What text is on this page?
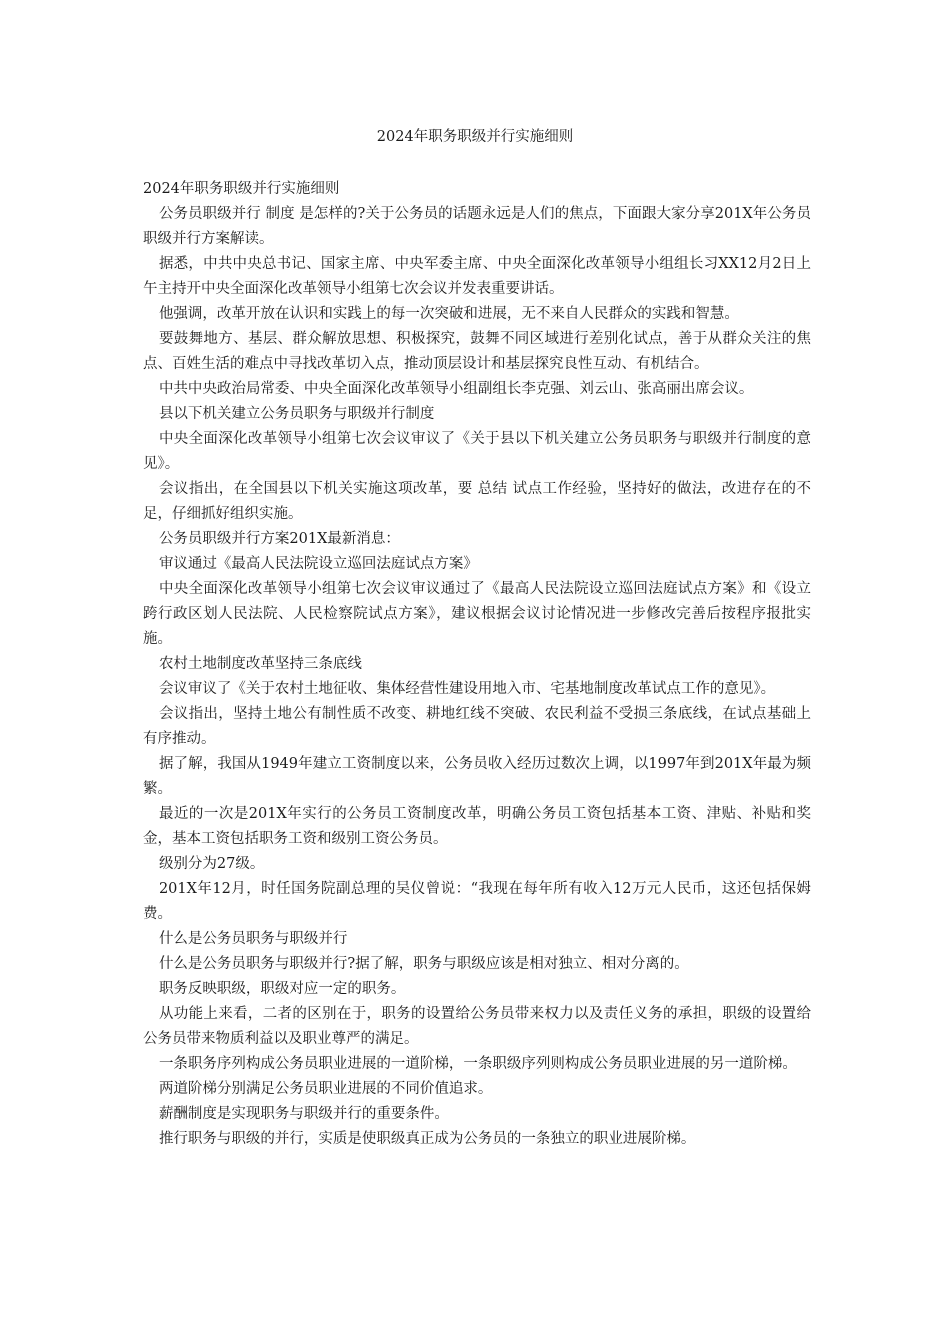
2024年职务职级并行实施细则

2024年职务职级并行实施细则

公务员职级并行 制度 是怎样的?关于公务员的话题永远是人们的焦点，下面跟大家分享201X年公务员职级并行方案解读。

据悉，中共中央总书记、国家主席、中央军委主席、中央全面深化改革领导小组组长习XX12月2日上午主持开中央全面深化改革领导小组第七次会议并发表重要讲话。

他强调，改革开放在认识和实践上的每一次突破和进展，无不来自人民群众的实践和智慧。

要鼓舞地方、基层、群众解放思想、积极探究，鼓舞不同区域进行差别化试点，善于从群众关注的焦点、百姓生活的难点中寻找改革切入点，推动顶层设计和基层探究良性互动、有机结合。

中共中央政治局常委、中央全面深化改革领导小组副组长李克强、刘云山、张高丽出席会议。

县以下机关建立公务员职务与职级并行制度

中央全面深化改革领导小组第七次会议审议了《关于县以下机关建立公务员职务与职级并行制度的意见》。

会议指出，在全国县以下机关实施这项改革，要 总结 试点工作经验，坚持好的做法，改进存在的不足，仔细抓好组织实施。

公务员职级并行方案201X最新消息：

审议通过《最高人民法院设立巡回法庭试点方案》

中央全面深化改革领导小组第七次会议审议通过了《最高人民法院设立巡回法庭试点方案》和《设立跨行政区划人民法院、人民检察院试点方案》，建议根据会议讨论情况进一步修改完善后按程序报批实施。

农村土地制度改革坚持三条底线

会议审议了《关于农村土地征收、集体经营性建设用地入市、宅基地制度改革试点工作的意见》。

会议指出，坚持土地公有制性质不改变、耕地红线不突破、农民利益不受损三条底线，在试点基础上有序推动。

据了解，我国从1949年建立工资制度以来，公务员收入经历过数次上调，以1997年到201X年最为频繁。

最近的一次是201X年实行的公务员工资制度改革，明确公务员工资包括基本工资、津贴、补贴和奖金，基本工资包括职务工资和级别工资公务员。

级别分为27级。

201X年12月，时任国务院副总理的吴仪曾说：“我现在每年所有收入12万元人民币，这还包括保姆费。

什么是公务员职务与职级并行

什么是公务员职务与职级并行?据了解，职务与职级应该是相对独立、相对分离的。

职务反映职级，职级对应一定的职务。

从功能上来看，二者的区别在于，职务的设置给公务员带来权力以及责任义务的承担，职级的设置给公务员带来物质利益以及职业尊严的满足。

一条职务序列构成公务员职业进展的一道阶梯，一条职级序列则构成公务员职业进展的另一道阶梯。

两道阶梯分别满足公务员职业进展的不同价值追求。

薪酬制度是实现职务与职级并行的重要条件。

推行职务与职级的并行，实质是使职级真正成为公务员的一条独立的职业进展阶梯。
